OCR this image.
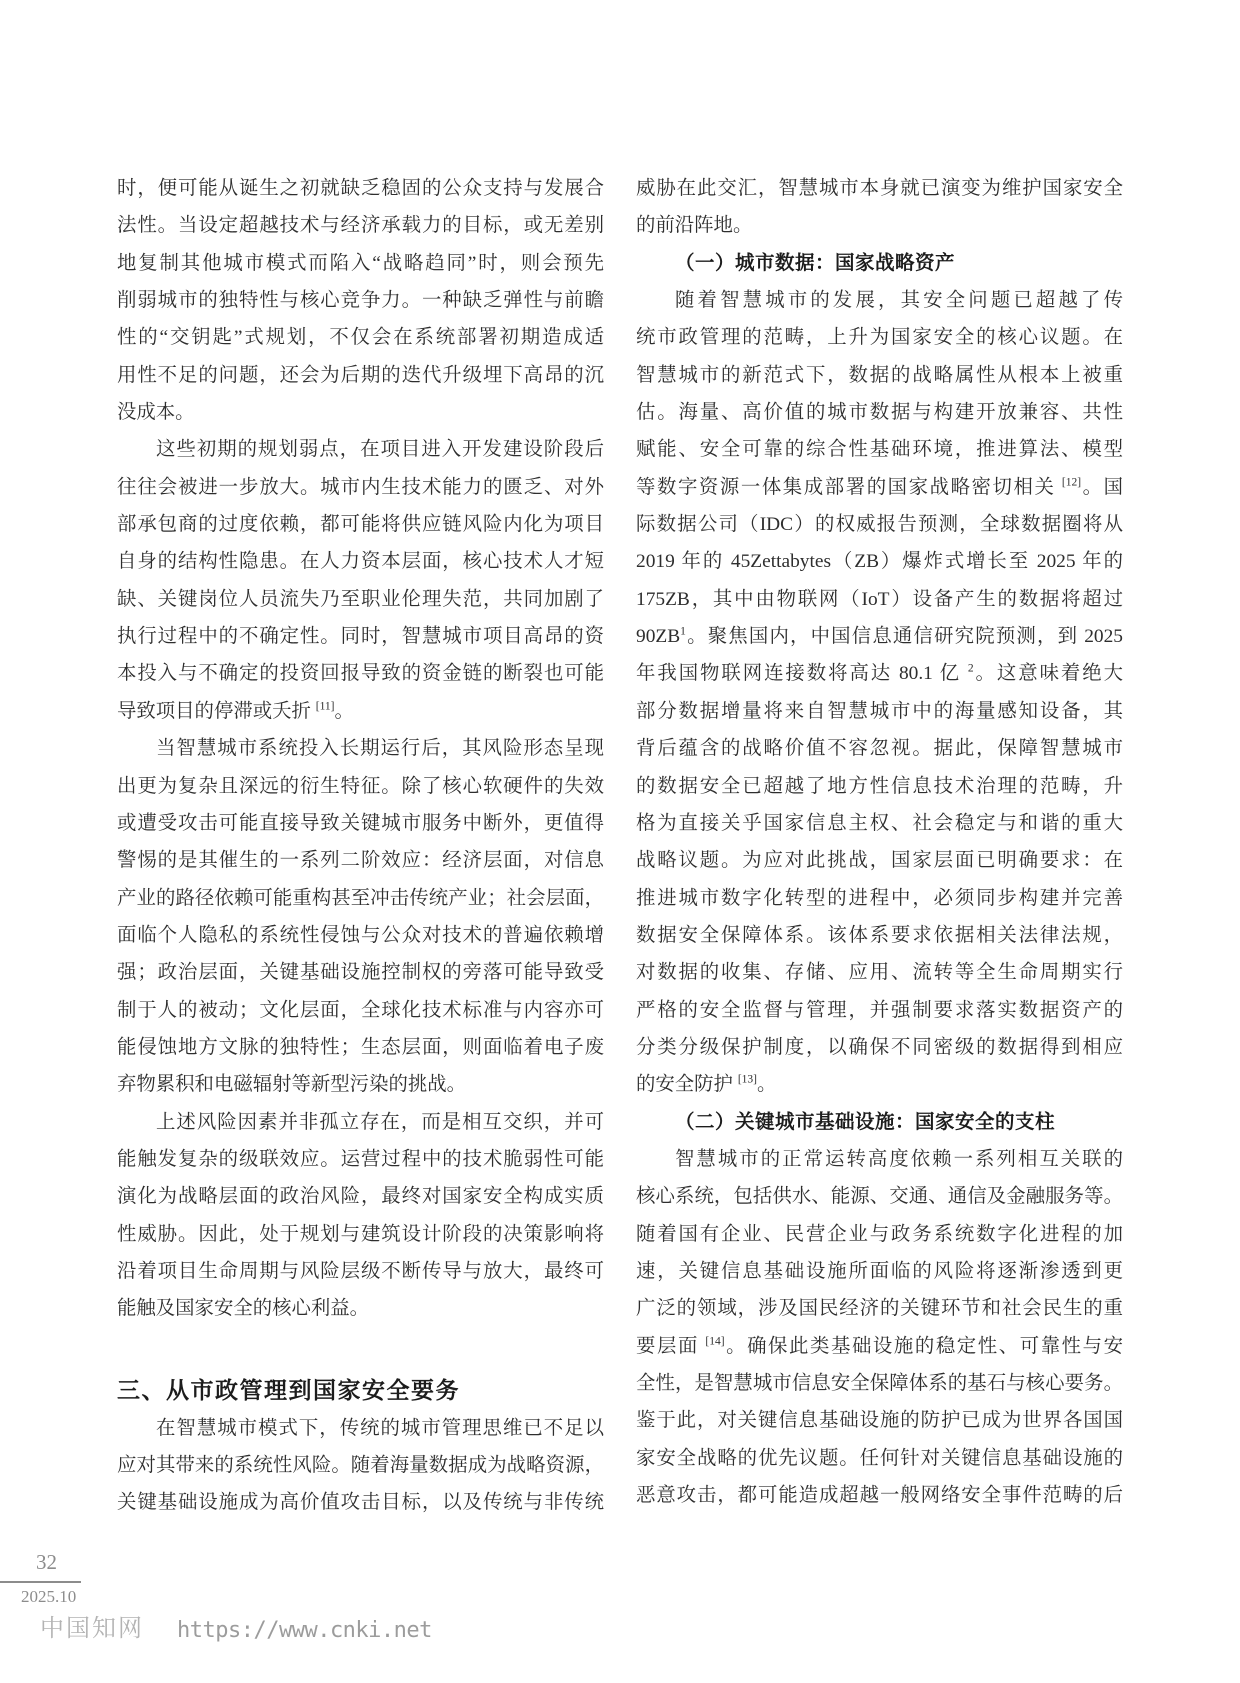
时，便可能从诞生之初就缺乏稳固的公众支持与发展合
法性。当设定超越技术与经济承载力的目标，或无差别
地复制其他城市模式而陷入“战略趋同”时，则会预先
削弱城市的独特性与核心竞争力。一种缺乏弹性与前瞻
性的“交钥匙”式规划，不仅会在系统部署初期造成适
用性不足的问题，还会为后期的迭代升级埋下高昂的沉
没成本。
这些初期的规划弱点，在项目进入开发建设阶段后
往往会被进一步放大。城市内生技术能力的匮乏、对外
部承包商的过度依赖，都可能将供应链风险内化为项目
自身的结构性隐患。在人力资本层面，核心技术人才短
缺、关键岗位人员流失乃至职业伦理失范，共同加剧了
执行过程中的不确定性。同时，智慧城市项目高昂的资
本投入与不确定的投资回报导致的资金链的断裂也可能
导致项目的停滞或夭折 [11]。
当智慧城市系统投入长期运行后，其风险形态呈现
出更为复杂且深远的衍生特征。除了核心软硬件的失效
或遭受攻击可能直接导致关键城市服务中断外，更值得
警惕的是其催生的一系列二阶效应：经济层面，对信息
产业的路径依赖可能重构甚至冲击传统产业；社会层面，
面临个人隐私的系统性侵蚀与公众对技术的普遍依赖增
强；政治层面，关键基础设施控制权的旁落可能导致受
制于人的被动；文化层面，全球化技术标准与内容亦可
能侵蚀地方文脉的独特性；生态层面，则面临着电子废
弃物累积和电磁辐射等新型污染的挑战。
上述风险因素并非孤立存在，而是相互交织，并可
能触发复杂的级联效应。运营过程中的技术脆弱性可能
演化为战略层面的政治风险，最终对国家安全构成实质
性威胁。因此，处于规划与建筑设计阶段的决策影响将
沿着项目生命周期与风险层级不断传导与放大，最终可
能触及国家安全的核心利益。
三、从市政管理到国家安全要务
在智慧城市模式下，传统的城市管理思维已不足以
应对其带来的系统性风险。随着海量数据成为战略资源，
关键基础设施成为高价值攻击目标，以及传统与非传统
威胁在此交汇，智慧城市本身就已演变为维护国家安全
的前沿阵地。
（一）城市数据：国家战略资产
随着智慧城市的发展，其安全问题已超越了传
统市政管理的范畴，上升为国家安全的核心议题。在
智慧城市的新范式下，数据的战略属性从根本上被重
估。海量、高价值的城市数据与构建开放兼容、共性
赋能、安全可靠的综合性基础环境，推进算法、模型
等数字资源一体集成部署的国家战略密切相关 [12]。国
际数据公司（IDC）的权威报告预测，全球数据圈将从
2019 年的 45Zettabytes（ZB）爆炸式增长至 2025 年的
175ZB，其中由物联网（IoT）设备产生的数据将超过
$90ZB^1$。聚焦国内，中国信息通信研究院预测，到 2025
年我国物联网连接数将高达 80.1 亿 $^2$。这意味着绝大
部分数据增量将来自智慧城市中的海量感知设备，其
背后蕴含的战略价值不容忽视。据此，保障智慧城市
的数据安全已超越了地方性信息技术治理的范畴，升
格为直接关乎国家信息主权、社会稳定与和谐的重大
战略议题。为应对此挑战，国家层面已明确要求：在
推进城市数字化转型的进程中，必须同步构建并完善
数据安全保障体系。该体系要求依据相关法律法规，
对数据的收集、存储、应用、流转等全生命周期实行
严格的安全监督与管理，并强制要求落实数据资产的
分类分级保护制度，以确保不同密级的数据得到相应
的安全防护 [13]。
（二）关键城市基础设施：国家安全的支柱
智慧城市的正常运转高度依赖一系列相互关联的
核心系统，包括供水、能源、交通、通信及金融服务等。
随着国有企业、民营企业与政务系统数字化进程的加
速，关键信息基础设施所面临的风险将逐渐渗透到更
广泛的领域，涉及国民经济的关键环节和社会民生的重
要层面 [14]。确保此类基础设施的稳定性、可靠性与安
全性，是智慧城市信息安全保障体系的基石与核心要务。
鉴于此，对关键信息基础设施的防护已成为世界各国国
家安全战略的优先议题。任何针对关键信息基础设施的
恶意攻击，都可能造成超越一般网络安全事件范畴的后
32
2025.10
中国知网 https://www.cnki.net
